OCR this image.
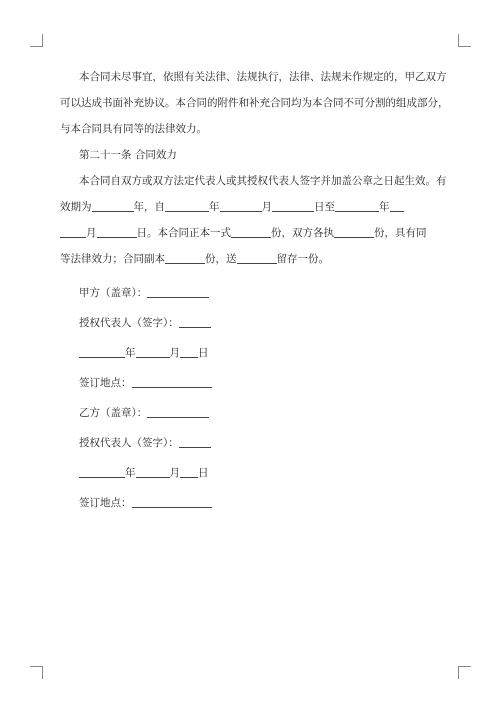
本合同未尽事宜，依照有关法律、法规执行，法律、法规未作规定的，甲乙双方
可以达成书面补充协议。本合同的附件和补充合同均为本合同不可分割的组成部分，
与本合同具有同等的法律效力。
第二十一条 合同效力
本合同自双方或双方法定代表人或其授权代表人签字并加盖公章之日起生效。有
效期为	年，自	年	月	日至	年
月	日。本合同正本一式	份，双方各执	份，具有同
等法律效力；合同副本	份，送	留存一份。
甲方（盖章）：
授权代表人（签字）：
年	月 日
签订地点：
乙方（盖章）：
授权代表人（签字）：
年	月 日
签订地点：
